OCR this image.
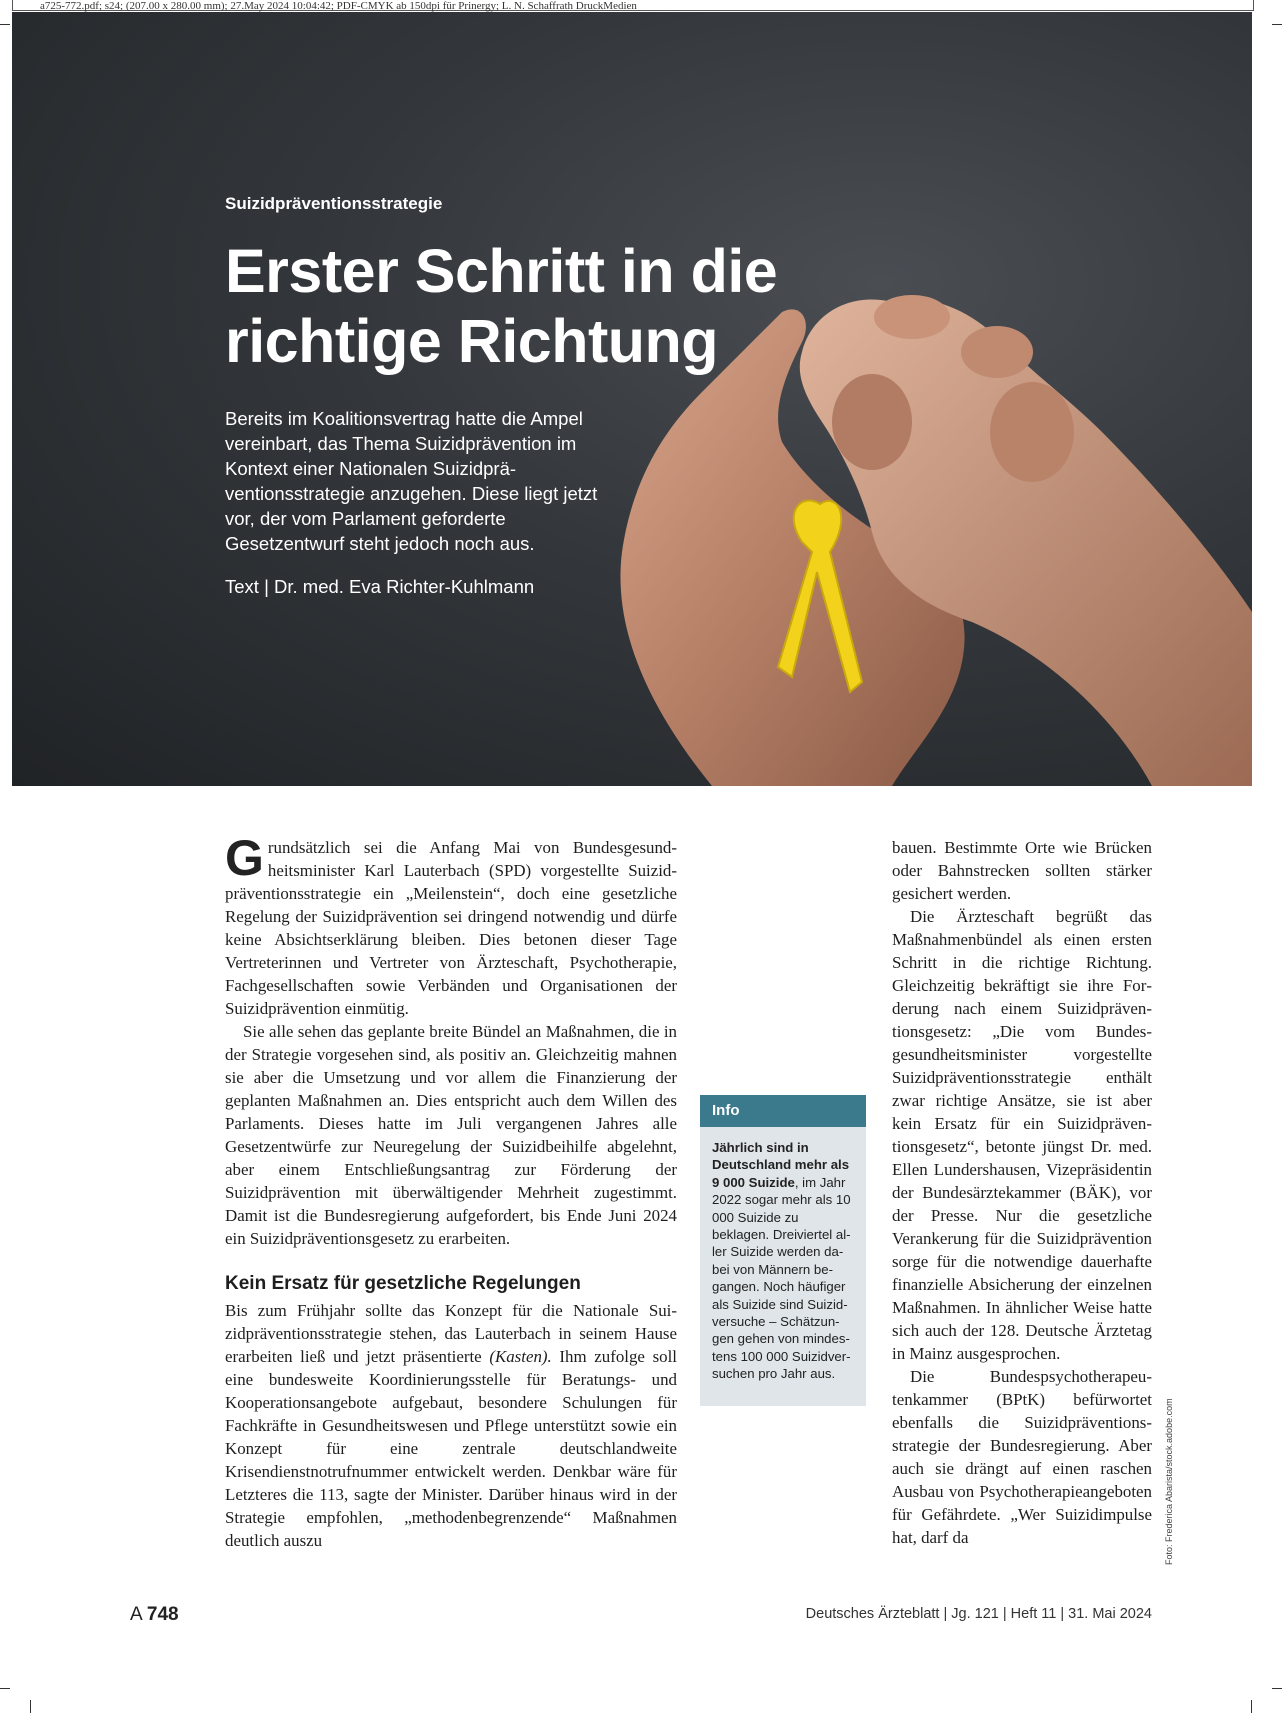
a725-772.pdf; s24; (207.00 x 280.00 mm); 27.May 2024 10:04:42; PDF-CMYK ab 150dpi für Prinergy; L. N. Schaffrath DruckMedien

Suizidpräventionsstrategie

Erster Schritt in die
richtige Richtung

Bereits im Koalitionsvertrag hatte die Ampel vereinbart, das Thema Suizidprävention im Kontext einer Nationalen Suizidpräventionsstrategie anzugehen. Diese liegt jetzt vor, der vom Parlament geforderte Gesetzentwurf steht jedoch noch aus.

Text | Dr. med. Eva Richter-Kuhlmann

Grundsätzlich sei die Anfang Mai von Bundesgesundheitsminister Karl Lauterbach (SPD) vorgestellte Suizidpräventionsstrategie ein „Meilenstein“, doch eine gesetzliche Regelung der Suizidprävention sei dringend notwendig und dürfe keine Absichtserklärung bleiben. Dies betonen dieser Tage Vertreterinnen und Vertreter von Ärzteschaft, Psychotherapie, Fachgesellschaften sowie Verbänden und Organisationen der Suizidprävention einmütig.

Sie alle sehen das geplante breite Bündel an Maßnahmen, die in der Strategie vorgesehen sind, als positiv an. Gleichzeitig mahnen sie aber die Umsetzung und vor allem die Finanzierung der geplanten Maßnahmen an. Dies entspricht auch dem Willen des Parlaments. Dieses hatte im Juli vergangenen Jahres alle Gesetzentwürfe zur Neuregelung der Suizidbeihilfe abgelehnt, aber einem Entschließungsantrag zur Förderung der Suizidprävention mit überwältigender Mehrheit zugestimmt. Damit ist die Bundesregierung aufgefordert, bis Ende Juni 2024 ein Suizidpräventionsgesetz zu erarbeiten.

Kein Ersatz für gesetzliche Regelungen

Bis zum Frühjahr sollte das Konzept für die Nationale Suizidpräventionsstrategie stehen, das Lauterbach in seinem Hause erarbeiten ließ und jetzt präsentierte (Kasten). Ihm zufolge soll eine bundesweite Koordinierungsstelle für Beratungs- und Kooperationsangebote aufgebaut, besondere Schulungen für Fachkräfte in Gesundheitswesen und Pflege unterstützt sowie ein Konzept für eine zentrale deutschlandweite Krisendienstnotrufnummer entwickelt werden. Denkbar wäre für Letzteres die 113, sagte der Minister. Darüber hinaus wird in der Strategie empfohlen, „methodenbegrenzende“ Maßnahmen deutlich auszu

Info
Jährlich sind in Deutschland mehr als 9 000 Suizide, im Jahr 2022 sogar mehr als 10 000 Suizide zu beklagen. Dreiviertel aller Suizide werden dabei von Männern begangen. Noch häufiger als Suizide sind Suizidversuche – Schätzungen gehen von mindestens 100 000 Suizidversuchen pro Jahr aus.

bauen. Bestimmte Orte wie Brücken oder Bahnstrecken sollten stärker gesichert werden.

Die Ärzteschaft begrüßt das Maßnahmenbündel als einen ersten Schritt in die richtige Richtung. Gleichzeitig bekräftigt sie ihre Forderung nach einem Suizidpräventionsgesetz: „Die vom Bundesgesundheitsminister vorgestellte Suizidpräventionsstrategie enthält zwar richtige Ansätze, sie ist aber kein Ersatz für ein Suizidpräventionsgesetz“, betonte jüngst Dr. med. Ellen Lundershausen, Vizepräsidentin der Bundesärztekammer (BÄK), vor der Presse. Nur die gesetzliche Verankerung für die Suizidprävention sorge für die notwendige dauerhafte finanzielle Absicherung der einzelnen Maßnahmen. In ähnlicher Weise hatte sich auch der 128. Deutsche Ärztetag in Mainz ausgesprochen.

Die Bundespsychotherapeutenkammer (BPtK) befürwortet ebenfalls die Suizidpräventionsstrategie der Bundesregierung. Aber auch sie drängt auf einen raschen Ausbau von Psychotherapieangeboten für Gefährdete. „Wer Suizidimpulse hat, darf da	Foto: Frederica Abarista/stock.adobe.com
A 748	Deutsches Ärzteblatt | Jg. 121 | Heft 11 | 31. Mai 2024
